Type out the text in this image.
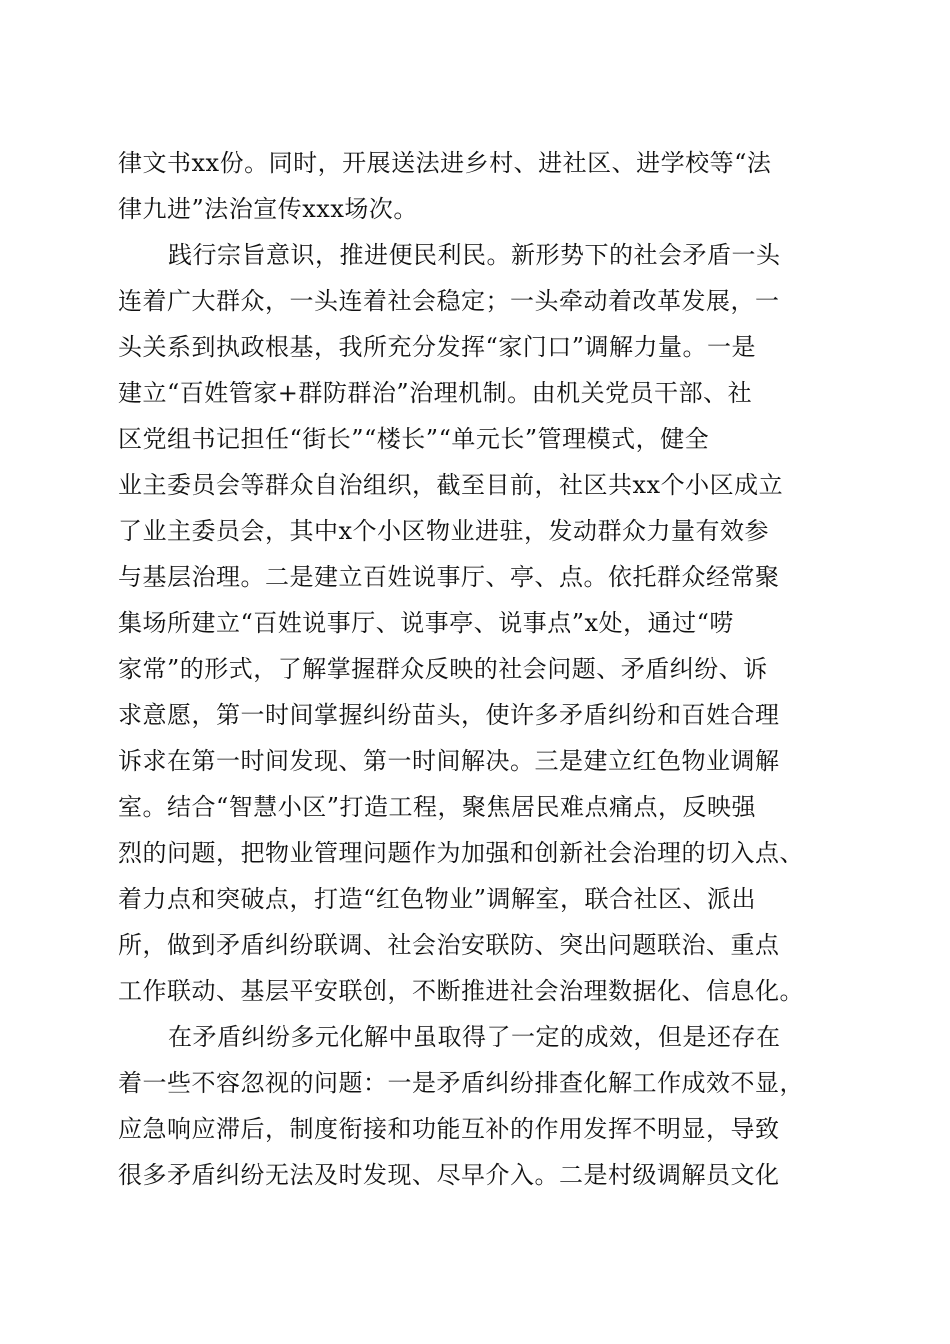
律文书xx份。同时，开展送法进乡村、进社区、进学校等“法
律九进”法治宣传xxx场次。
践行宗旨意识，推进便民利民。新形势下的社会矛盾一头
连着广大群众，一头连着社会稳定；一头牵动着改革发展，一
头关系到执政根基，我所充分发挥“家门口”调解力量。一是
建立“百姓管家+群防群治”治理机制。由机关党员干部、社
区党组书记担任“街长”“楼长”“单元长”管理模式，健全
业主委员会等群众自治组织，截至目前，社区共xx个小区成立
了业主委员会，其中x个小区物业进驻，发动群众力量有效参
与基层治理。二是建立百姓说事厅、亭、点。依托群众经常聚
集场所建立“百姓说事厅、说事亭、说事点”x处，通过“唠
家常”的形式，了解掌握群众反映的社会问题、矛盾纠纷、诉
求意愿，第一时间掌握纠纷苗头，使许多矛盾纠纷和百姓合理
诉求在第一时间发现、第一时间解决。三是建立红色物业调解
室。结合“智慧小区”打造工程，聚焦居民难点痛点，反映强
烈的问题，把物业管理问题作为加强和创新社会治理的切入点、
着力点和突破点，打造“红色物业”调解室，联合社区、派出
所，做到矛盾纠纷联调、社会治安联防、突出问题联治、重点
工作联动、基层平安联创，不断推进社会治理数据化、信息化。
在矛盾纠纷多元化解中虽取得了一定的成效，但是还存在
着一些不容忽视的问题：一是矛盾纠纷排查化解工作成效不显，
应急响应滞后，制度衔接和功能互补的作用发挥不明显，导致
很多矛盾纠纷无法及时发现、尽早介入。二是村级调解员文化
